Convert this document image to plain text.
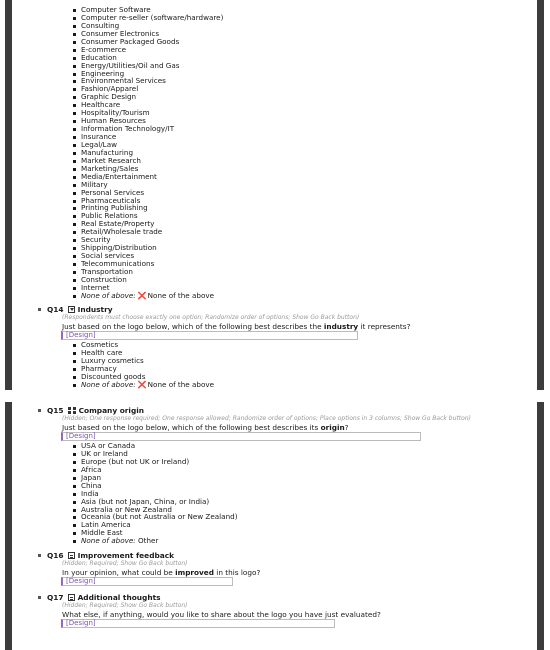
Computer Software
Computer re-seller (software/hardware)
Consulting
Consumer Electronics
Consumer Packaged Goods
E-commerce
Education
Energy/Utilities/Oil and Gas
Engineering
Environmental Services
Fashion/Apparel
Graphic Design
Healthcare
Hospitality/Tourism
Human Resources
Information Technology/IT
Insurance
Legal/Law
Manufacturing
Market Research
Marketing/Sales
Media/Entertainment
Military
Personal Services
Pharmaceuticals
Printing Publishing
Public Relations
Real Estate/Property
Retail/Wholesale trade
Security
Shipping/Distribution
Social services
Telecommunications
Transportation
Construction
Internet
None of above: ❌None of the above
Q14 Industry
(Respondents must choose exactly one option; Randomize order of options; Show Go Back button)
Just based on the logo below, which of the following best describes the industry it represents?
[Design]
Cosmetics
Health care
Luxury cosmetics
Pharmacy
Discounted goods
None of above: ❌None of the above
Q15 Company origin
(Hidden; One response required; One response allowed; Randomize order of options; Place options in 3 columns; Show Go Back button)
Just based on the logo below, which of the following best describes its origin?
[Design]
USA or Canada
UK or Ireland
Europe (but not UK or Ireland)
Africa
Japan
China
India
Asia (but not Japan, China, or India)
Australia or New Zealand
Oceania (but not Australia or New Zealand)
Latin America
Middle East
None of above: Other
Q16 Improvement feedback
(Hidden; Required; Show Go Back button)
In your opinion, what could be improved in this logo?
[Design]
Q17 Additional thoughts
(Hidden; Required; Show Go Back button)
What else, if anything, would you like to share about the logo you have just evaluated?
[Design]
